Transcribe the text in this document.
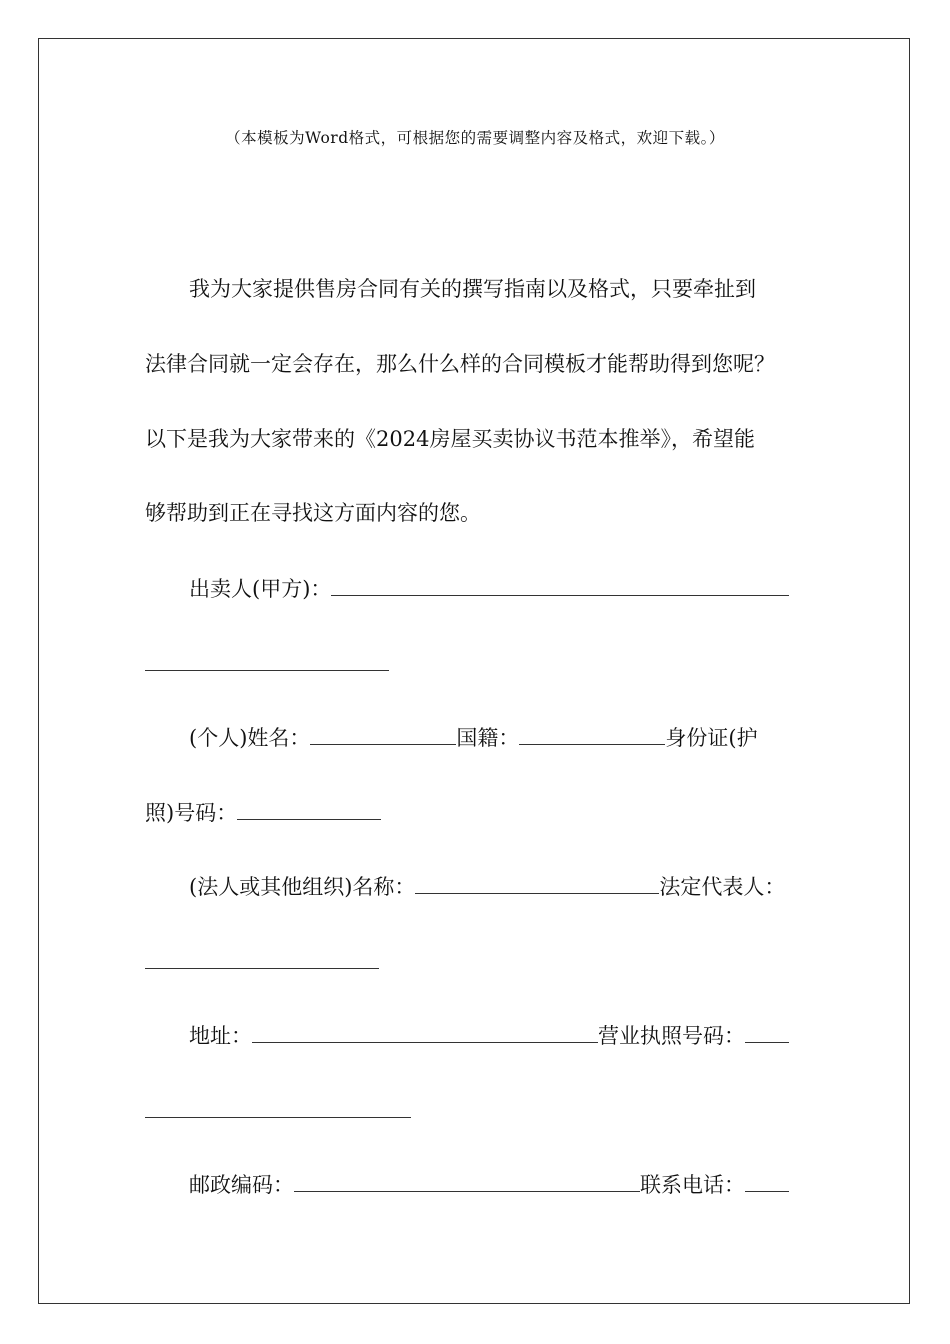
（本模板为Word格式，可根据您的需要调整内容及格式，欢迎下载。）
我为大家提供售房合同有关的撰写指南以及格式，只要牵扯到
法律合同就一定会存在，那么什么样的合同模板才能帮助得到您呢？
以下是我为大家带来的《2024房屋买卖协议书范本推举》，希望能
够帮助到正在寻找这方面内容的您。
出卖人(甲方)：
(个人)姓名：	国籍：	身份证(护
照)号码：
(法人或其他组织)名称：	法定代表人：
地址：	营业执照号码：
邮政编码：	联系电话：
